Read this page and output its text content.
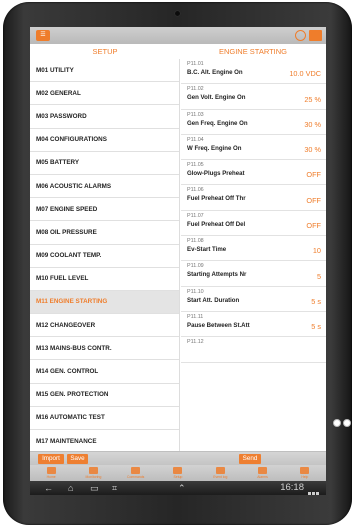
☰
SETUP	ENGINE STARTING
M01 UTILITY
M02 GENERAL
M03 PASSWORD
M04 CONFIGURATIONS
M05 BATTERY
M06 ACOUSTIC ALARMS
M07 ENGINE SPEED
M08 OIL PRESSURE
M09 COOLANT TEMP.
M10 FUEL LEVEL
M11 ENGINE STARTING
M12 CHANGEOVER
M13 MAINS-BUS CONTR.
M14 GEN. CONTROL
M15 GEN. PROTECTION
M16 AUTOMATIC TEST
M17 MAINTENANCE
P11.01
B.C. Alt. Engine On	10.0 VDC
P11.02
Gen Volt. Engine On	25 %
P11.03
Gen Freq. Engine On	30 %
P11.04
W Freq. Engine On	30 %
P11.05
Glow-Plugs Preheat	OFF
P11.06
Fuel Preheat Off Thr	OFF
P11.07
Fuel Preheat Off Del	OFF
P11.08
Ev-Start Time	10
P11.09
Starting Attempts Nr	5
P11.10
Start Att. Duration	5 s
P11.11
Pause Between St.Att	5 s
P11.12
Import	Save	Send
Home	Monitoring	Commands	Setup	Event log	Alarms	Help
← ⌂ ▭ ⌗	⌃	16:18
